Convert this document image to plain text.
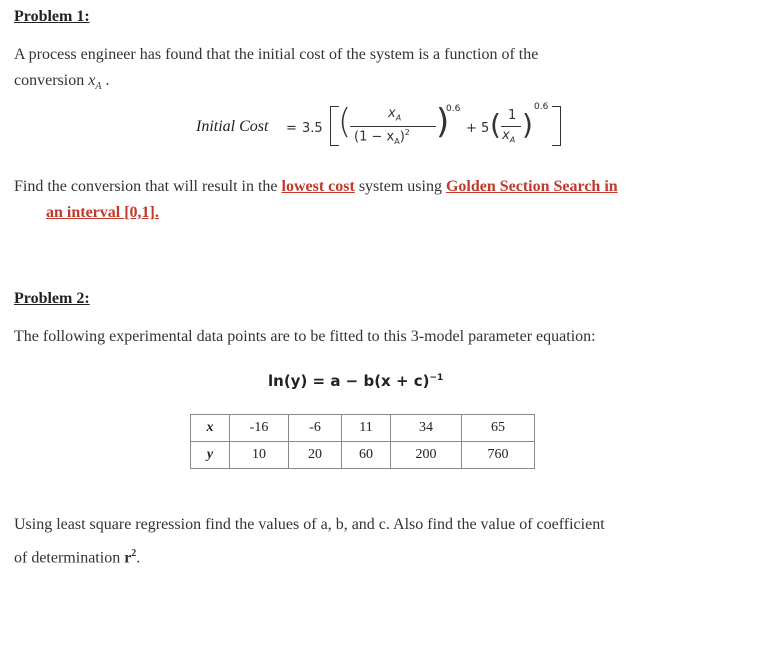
Problem 1:
A process engineer has found that the initial cost of the system is a function of the
conversion $x_A$ .
Initial Cost = 3.5 (	$x_A$
$(1 - x_A)^2$ )
0.6
+ 5 ( 1
$x_A$ )
0.6
Find the conversion that will result in the lowest cost system using Golden Section Search in
an interval [0,1].
Problem 2:
The following experimental data points are to be fitted to this 3-model parameter equation:
$\ln(y) = a - b(x + c)^{-1}$
x	-16	-6	11	34	65
y	10	20	60	200	760
Using least square regression find the values of a, b, and c. Also find the value of coefficient
of determination $r^2$.
